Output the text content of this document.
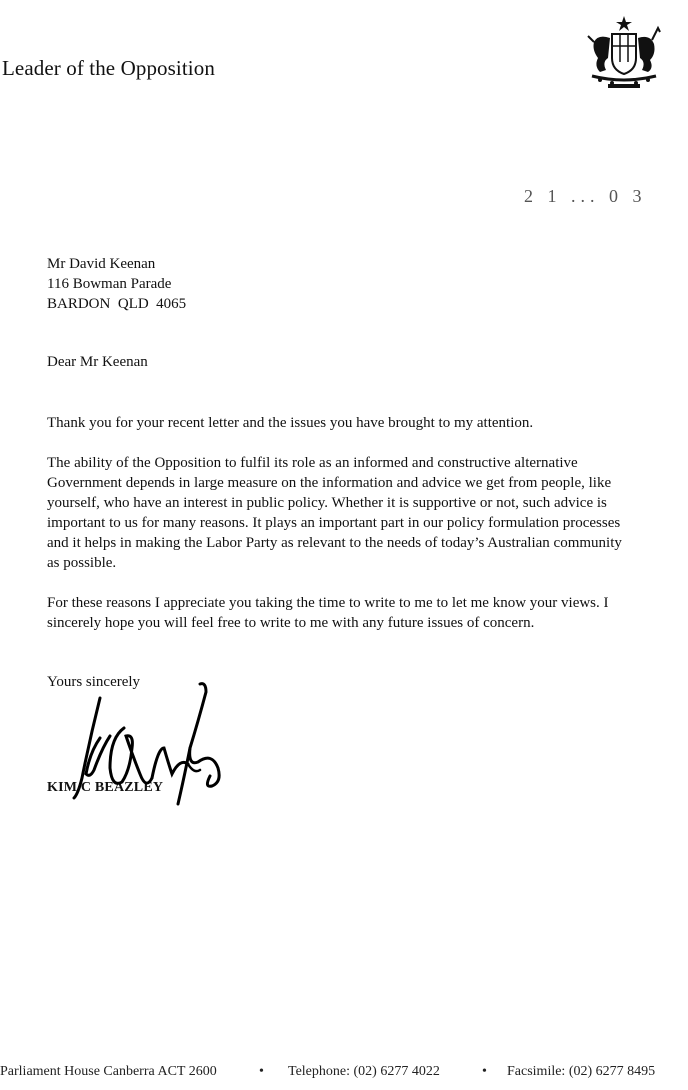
Leader of the Opposition
2 1 ... 0 3
Mr David Keenan
116 Bowman Parade
BARDON  QLD  4065
Dear Mr Keenan

Thank you for your recent letter and the issues you have brought to my attention.

The ability of the Opposition to fulfil its role as an informed and constructive alternative Government depends in large measure on the information and advice we get from people, like yourself, who have an interest in public policy. Whether it is supportive or not, such advice is important to us for many reasons. It plays an important part in our policy formulation processes and it helps in making the Labor Party as relevant to the needs of today’s Australian community as possible.

For these reasons I appreciate you taking the time to write to me to let me know your views. I sincerely hope you will feel free to write to me with any future issues of concern.

Yours sincerely
KIM C BEAZLEY
Parliament House Canberra ACT 2600	• Telephone: (02) 6277 4022	• Facsimile: (02) 6277 8495
